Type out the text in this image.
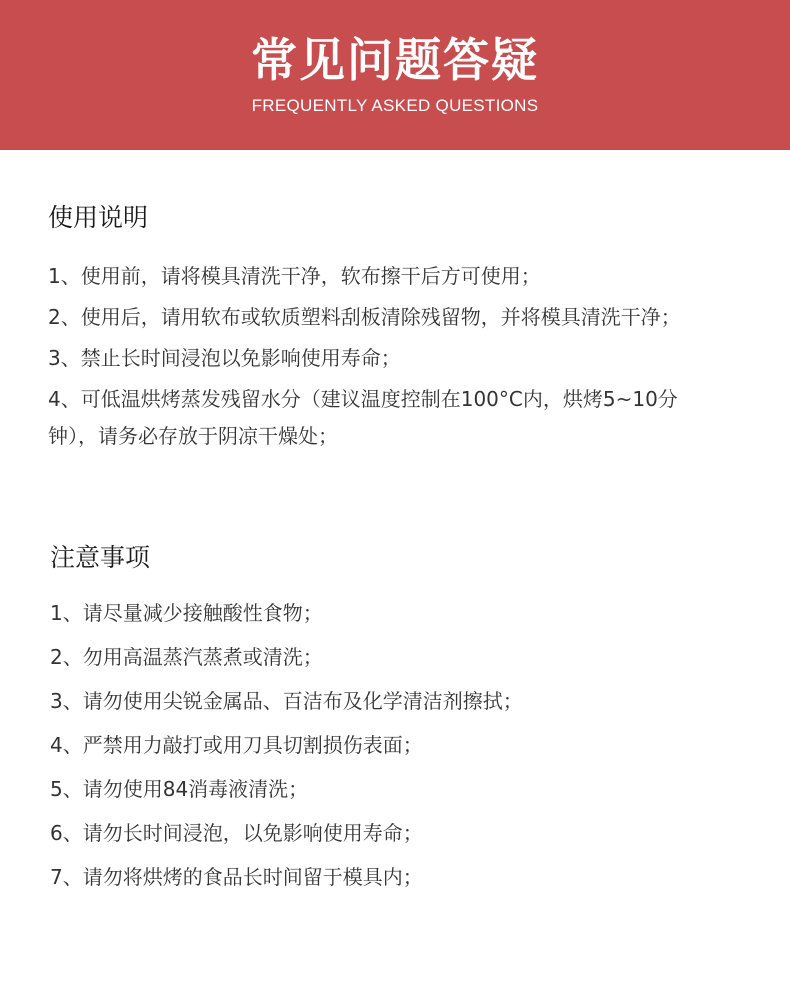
常见问题答疑
FREQUENTLY ASKED QUESTIONS
使用说明
1、使用前，请将模具清洗干净，软布擦干后方可使用；
2、使用后，请用软布或软质塑料刮板清除残留物，并将模具清洗干净；
3、禁止长时间浸泡以免影响使用寿命；
4、可低温烘烤蒸发残留水分（建议温度控制在100°C内，烘烤5~10分钟），请务必存放于阴凉干燥处；
注意事项
1、请尽量减少接触酸性食物；
2、勿用高温蒸汽蒸煮或清洗；
3、请勿使用尖锐金属品、百洁布及化学清洁剂擦拭；
4、严禁用力敲打或用刀具切割损伤表面；
5、请勿使用84消毒液清洗；
6、请勿长时间浸泡，以免影响使用寿命；
7、请勿将烘烤的食品长时间留于模具内；
